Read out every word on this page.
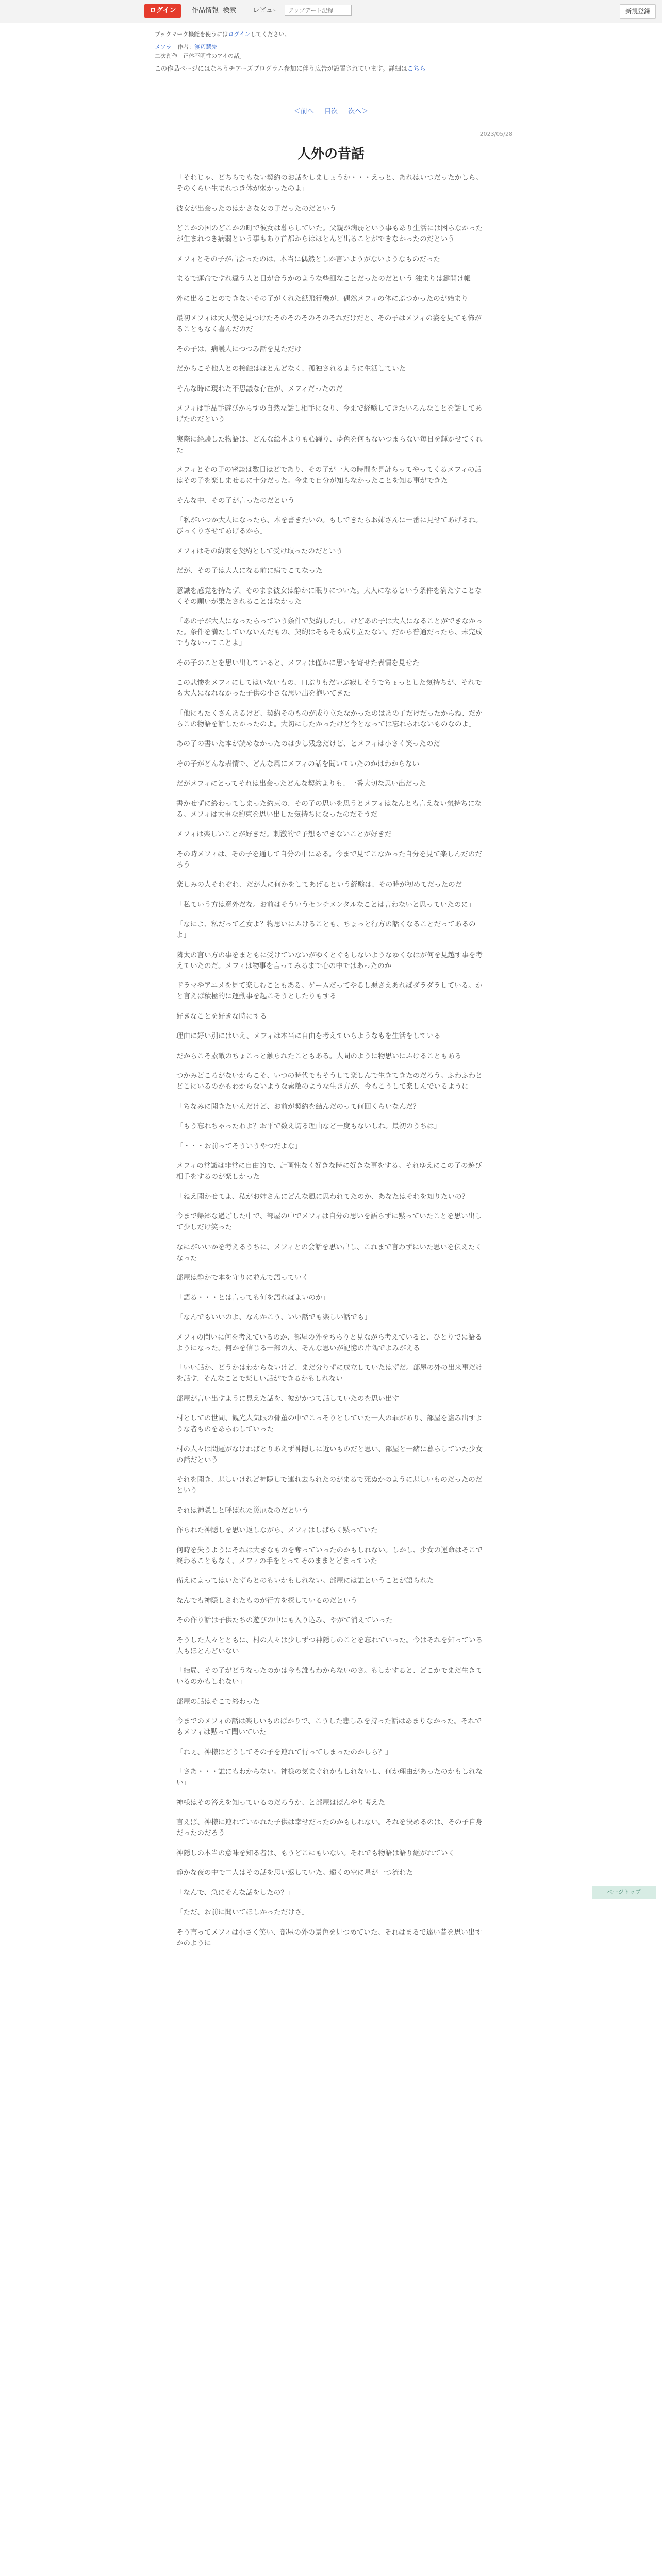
ログイン	作品情報 検索	レビュー
アップデート記録	新規登録
ブックマーク機能を使うにはログインしてください。
メソラ 作者：渡辺慧先
二次創作「正体不明性のアイの話」
この作品ページにはなろうチアーズプログラム参加に伴う広告が設置されています。詳細はこちら
＜前へ 目次 次へ＞
2023/05/28
人外の昔話

「それじゃ、どちらでもない契約のお話をしましょうか・・・えっと、あれはいつだったかしら。そのくらい生まれつき体が弱かったのよ」

彼女が出会ったのはかさな女の子だったのだという

どこかの国のどこかの町で彼女は暮らしていた。父親が病弱という事もあり生活には困らなかったが生まれつき病弱という事もあり首都からはほとんど出ることができなかったのだという

メフィとその子が出会ったのは、本当に偶然としか言いようがないようなものだった

まるで運命ですれ違う人と目が合うかのような些細なことだったのだという 独まりは鍵開け帳

外に出ることのできないその子がくれた紙飛行機が、偶然メフィの体にぶつかったのが始まり

最初メフィは大天使を見つけたそのそのそのそのそれだけだと、その子はメフィの姿を見ても怖がることもなく喜んだのだ

その子は、病護人につつみ話を見ただけ

だからこそ他人との接触はほとんどなく、孤独されるように生活していた

そんな時に現れた不思議な存在が、メフィだったのだ

メフィは手品手遊びからすの自然な話し相手になり、今まで経験してきたいろんなことを話してあげたのだという

実際に経験した物語は、どんな絵本よりも心躍り、夢色を何もないつまらない毎日を輝かせてくれた

メフィとその子の密談は数日ほどであり、その子が一人の時間を見計らってやってくるメフィの話はその子を楽しませるに十分だった。今まで自分が知らなかったことを知る事ができた

そんな中、その子が言ったのだという

「私がいつか大人になったら、本を書きたいの。もしできたらお姉さんに一番に見せてあげるね。びっくりさせてあげるから」

メフィはその約束を契約として受け取ったのだという

だが、その子は大人になる前に病でこてなった

意識を感覚を持たず、そのまま彼女は静かに眠りについた。大人になるという条件を満たすことなくその願いが果たされることはなかった

「あの子が大人になったらっていう条件で契約したし、けどあの子は大人になることができなかった。条件を満たしていないんだもの、契約はそもそも成り立たない。だから普通だったら、未完成でもないってことよ」

その子のことを思い出していると、メフィは僅かに思いを寄せた表情を見せた

この悲惨をメフィにしてはいないもの、口ぶりもだいぶ寂しそうでちょっとした気持ちが、それでも大人になれなかった子供の小さな思い出を抱いてきた

「他にもたくさんあるけど、契約そのものが成り立たなかったのはあの子だけだったからね、だからこの物語を話したかったのよ。大切にしたかったけど今となっては忘れられないものなのよ」

あの子の書いた本が読めなかったのは少し残念だけど、とメフィは小さく笑ったのだ

その子がどんな表情で、どんな風にメフィの話を聞いていたのかはわからない

だがメフィにとってそれは出会ったどんな契約よりも、一番大切な思い出だった

書かせずに終わってしまった約束の、その子の思いを思うとメフィはなんとも言えない気持ちになる。メフィは大事な約束を思い出した気持ちになったのだそうだ

メフィは楽しいことが好きだ。刺激的で予想もできないことが好きだ

その時メフィは、その子を通して自分の中にある。今まで見てこなかった自分を見て楽しんだのだろう

楽しみの人それぞれ、だが人に何かをしてあげるという経験は、その時が初めてだったのだ

「私ていう方は意外だな。お前はそういうセンチメンタルなことは言わないと思っていたのに」

「なによ、私だって乙女よ？物思いにふけることも、ちょっと行方の話くなることだってあるのよ」

隣太の言い方の事をまともに受けていないがゆくとぐもしないようなゆくなはが何を見越す事を考えていたのだ。メフィは物事を言ってみるまで心の中ではあったのか

ドラマやアニメを見て楽しむこともある。ゲームだってやるし悪さえあればダラダラしている。かと言えば積極的に運動事を起こそうとしたりもする

好きなことを好きな時にする

理由に好い別にはいえ、メフィは本当に自由を考えていらようなもを生活をしている

だからこそ素敵のちょこっと触られたこともある。人間のように物思いにふけることもある

つかみどころがないからこそ、いつの時代でもそうして楽しんで生きてきたのだろう。ふわふわとどこにいるのかもわからないような素敵のような生き方が、今もこうして楽しんでいるように

「ちなみに聞きたいんだけど、お前が契約を結んだのって何回くらいなんだ？」

「もう忘れちゃったわよ？お平で数え切る理由など一度もないしね。最初のうちは」

「・・・お前ってそういうやつだよな」

メフィの常識は非常に自由的で、計画性なく好きな時に好きな事をする。それゆえにこの子の遊び相手をするのが楽しかった

「ねえ聞かせてよ、私がお姉さんにどんな風に思われてたのか、あなたはそれを知りたいの？」

今まで帰郷な過ごした中で、部屋の中でメフィは自分の思いを語らずに黙っていたことを思い出して少しだけ笑った

なにがいいかを考えるうちに、メフィとの会話を思い出し、これまで言わずにいた思いを伝えたくなった

部屋は静かで本を守りに並んで語っていく

「語る・・・とは言っても何を語ればよいのか」

「なんでもいいのよ、なんかこう、いい話でも楽しい話でも」

メフィの問いに何を考えているのか、部屋の外をちらりと見ながら考えていると、ひとりでに語るようになった。何かを信じる一部の人、そんな思いが記憶の片隅でよみがえる

「いい話か、どうかはわからないけど、まだ分りずに成立していたはずだ。部屋の外の出来事だけを話す、そんなことで楽しい話ができるかもしれない」

部屋が言い出すように見えた話を、彼がかつて話していたのを思い出す

村としての世間、観光人気眼の骨董の中でこっそりとしていた一人の罪があり、部屋を盗み出すような者ものをあらわしていった

村の人々は問題がなければとりあえず神隠しに近いものだと思い、部屋と一緒に暮らしていた少女の話だという

それを聞き、悲しいけれど神隠しで連れ去られたのがまるで死ぬかのように悲しいものだったのだという

それは神隠しと呼ばれた災厄なのだという

作られた神隠しを思い返しながら、メフィはしばらく黙っていた

何時を失うようにそれは大きなものを奪っていったのかもしれない。しかし、少女の運命はそこで終わることもなく、メフィの手をとってそのままとどまっていた

備えによってはいたずらとのもいかもしれない。部屋には誰ということが語られた

なんでも神隠しされたものが行方を探しているのだという

その作り話は子供たちの遊びの中にも入り込み、やがて消えていった

そうした人々とともに、村の人々は少しずつ神隠しのことを忘れていった。今はそれを知っている人もほとんどいない

「結局、その子がどうなったのかは今も誰もわからないのさ。もしかすると、どこかでまだ生きているのかもしれない」

部屋の話はそこで終わった

今までのメフィの話は楽しいものばかりで、こうした悲しみを持った話はあまりなかった。それでもメフィは黙って聞いていた

「ねぇ、神様はどうしてその子を連れて行ってしまったのかしら？」

「さあ・・・誰にもわからない。神様の気まぐれかもしれないし、何か理由があったのかもしれない」

神様はその答えを知っているのだろうか、と部屋はぼんやり考えた

言えば、神様に連れていかれた子供は幸せだったのかもしれない。それを決めるのは、その子自身だったのだろう

神隠しの本当の意味を知る者は、もうどこにもいない。それでも物語は語り継がれていく

静かな夜の中で二人はその話を思い返していた。遠くの空に星が一つ流れた

「なんで、急にそんな話をしたの？」

「ただ、お前に聞いてほしかっただけさ」

そう言ってメフィは小さく笑い、部屋の外の景色を見つめていた。それはまるで遠い昔を思い出すかのように

ページトップ
